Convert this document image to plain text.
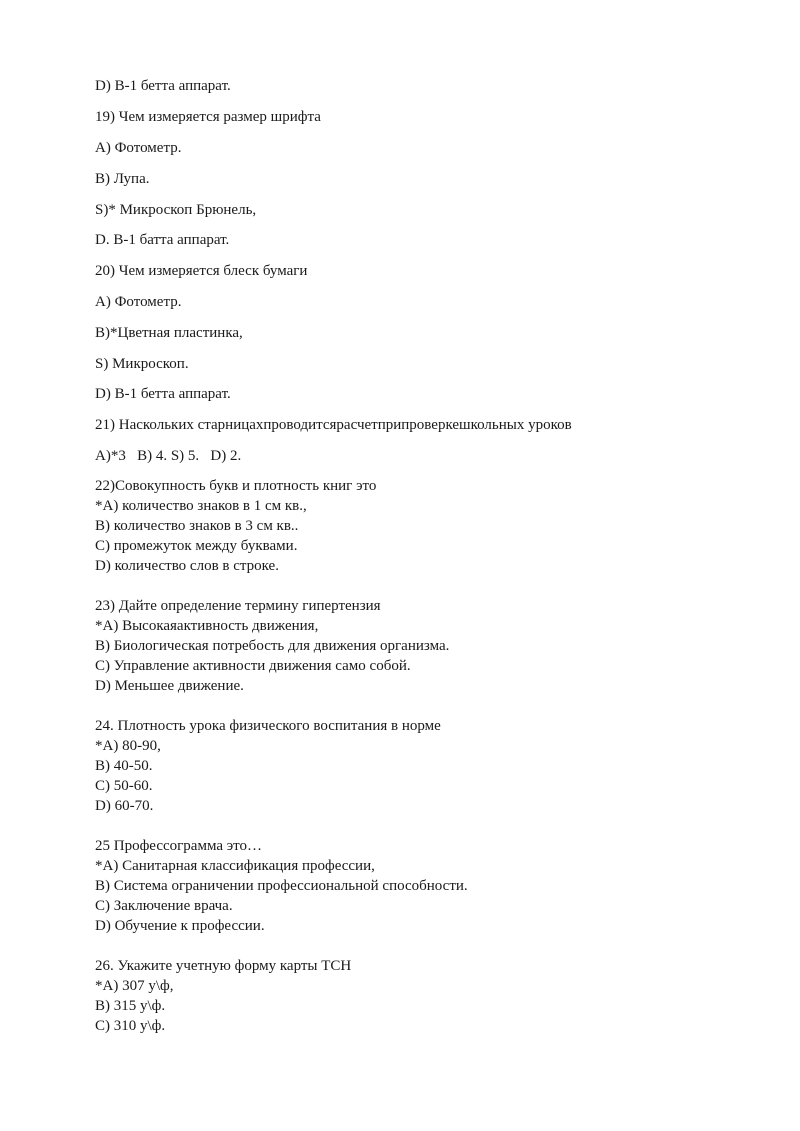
D) В-1 бетта аппарат.
19) Чем измеряется размер шрифта
A) Фотометр.
B) Лупа.
S)* Микроскоп Брюнель,
D. В-1 батта аппарат.
20) Чем измеряется блеск бумаги
A) Фотометр.
B)*Цветная пластинка,
S) Микроскоп.
D) В-1 бетта аппарат.
21) Наскольких старницахпроводитсярасчетприпроверкешкольных уроков
A)*3   B) 4. S) 5.   D) 2.
22)Совокупность букв и плотность книг это
*A) количество знаков в 1 см кв.,
B) количество знаков в 3 см кв..
C) промежуток между буквами.
D) количество слов в строке.
23) Дайте определение термину гипертензия
*A) Высокаяактивность движения,
B) Биологическая потребость для движения организма.
C) Управление активности движения само собой.
D) Меньшее движение.
24. Плотность урока физического воспитания в норме
*A) 80-90,
B) 40-50.
C) 50-60.
D) 60-70.
25 Профессограмма это…
*A) Санитарная классификация профессии,
B) Система ограничении профессиональной способности.
C) Заключение врача.
D) Обучение к профессии.
26. Укажите учетную форму карты ТСН
*A) 307 у\ф,
B) 315 у\ф.
C) 310 у\ф.
